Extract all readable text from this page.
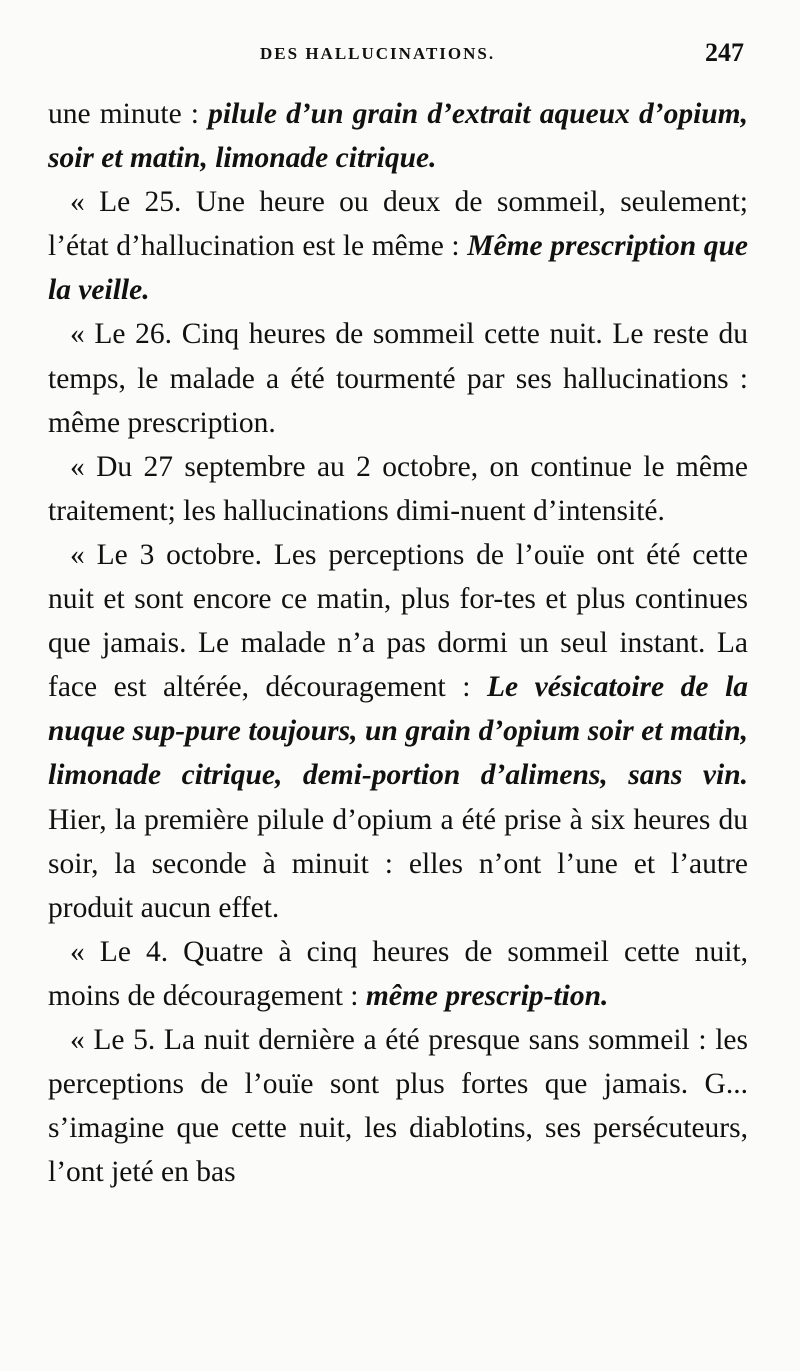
DES HALLUCINATIONS.	247

une minute : pilule d’un grain d’extrait aqueux d’opium, soir et matin, limonade citrique.

« Le 25. Une heure ou deux de sommeil, seulement; l’état d’hallucination est le même : Même prescription que la veille.

« Le 26. Cinq heures de sommeil cette nuit. Le reste du temps, le malade a été tourmenté par ses hallucinations : même prescription.

« Du 27 septembre au 2 octobre, on continue le même traitement; les hallucinations dimi-nuent d’intensité.

« Le 3 octobre. Les perceptions de l’ouïe ont été cette nuit et sont encore ce matin, plus for-tes et plus continues que jamais. Le malade n’a pas dormi un seul instant. La face est altérée, découragement : Le vésicatoire de la nuque sup-pure toujours, un grain d’opium soir et matin, limonade citrique, demi-portion d’alimens, sans vin. Hier, la première pilule d’opium a été prise à six heures du soir, la seconde à minuit : elles n’ont l’une et l’autre produit aucun effet.

« Le 4. Quatre à cinq heures de sommeil cette nuit, moins de découragement : même prescrip-tion.

« Le 5. La nuit dernière a été presque sans sommeil : les perceptions de l’ouïe sont plus fortes que jamais. G... s’imagine que cette nuit, les diablotins, ses persécuteurs, l’ont jeté en bas
